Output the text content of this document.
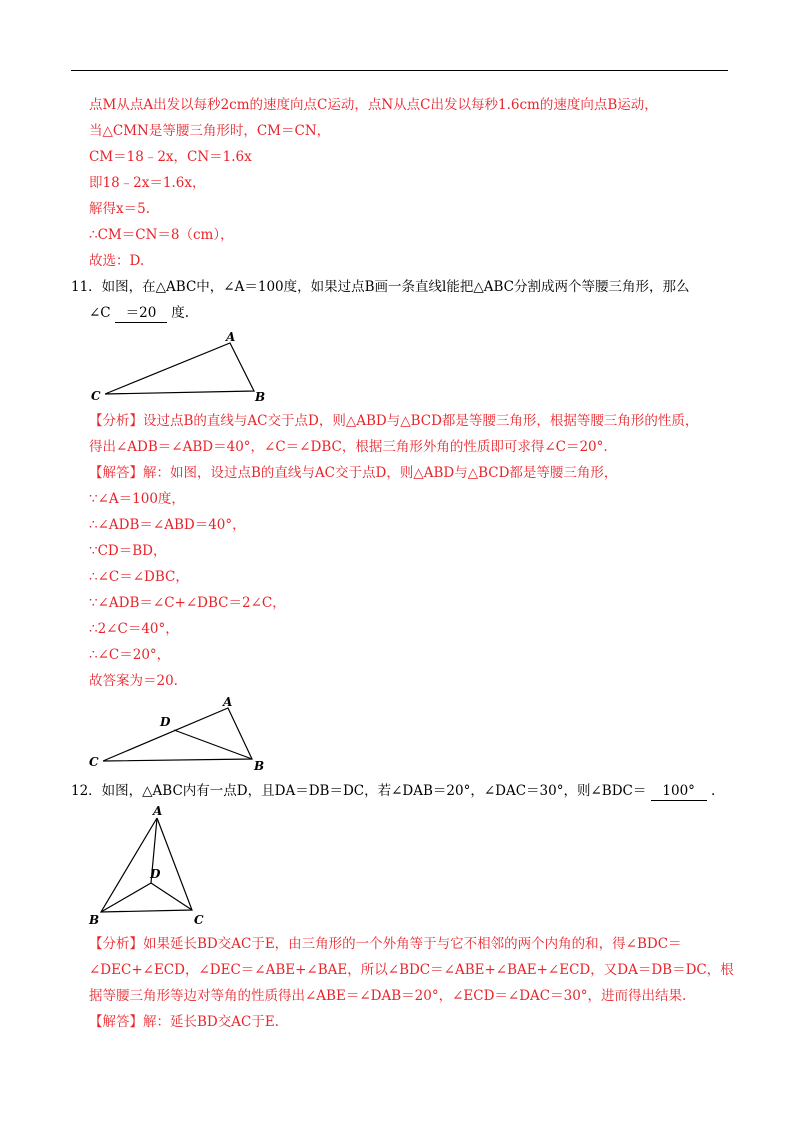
点M从点A出发以每秒2cm的速度向点C运动，点N从点C出发以每秒1.6cm的速度向点B运动，
当△CMN是等腰三角形时，CM＝CN，
CM＝18﹣2x，CN＝1.6x
即18﹣2x＝1.6x，
解得x＝5.
∴CM＝CN＝8（cm），
故选：D.
11．如图，在△ABC中，∠A＝100度，如果过点B画一条直线l能把△ABC分割成两个等腰三角形，那么
∠C ＝20 度.
A
B
C
【分析】设过点B的直线与AC交于点D，则△ABD与△BCD都是等腰三角形，根据等腰三角形的性质，
得出∠ADB＝∠ABD＝40°，∠C＝∠DBC，根据三角形外角的性质即可求得∠C＝20°.
【解答】解：如图，设过点B的直线与AC交于点D，则△ABD与△BCD都是等腰三角形，
∵∠A＝100度，
∴∠ADB＝∠ABD＝40°，
∵CD＝BD，
∴∠C＝∠DBC，
∵∠ADB＝∠C+∠DBC＝2∠C，
∴2∠C＝40°，
∴∠C＝20°，
故答案为＝20.
A
B
C
D
12．如图，△ABC内有一点D，且DA＝DB＝DC，若∠DAB＝20°，∠DAC＝30°，则∠BDC＝ 100° .
A
B	C
D
【分析】如果延长BD交AC于E，由三角形的一个外角等于与它不相邻的两个内角的和，得∠BDC＝
∠DEC+∠ECD，∠DEC＝∠ABE+∠BAE，所以∠BDC＝∠ABE+∠BAE+∠ECD，又DA＝DB＝DC，根
据等腰三角形等边对等角的性质得出∠ABE＝∠DAB＝20°，∠ECD＝∠DAC＝30°，进而得出结果.
【解答】解：延长BD交AC于E.
